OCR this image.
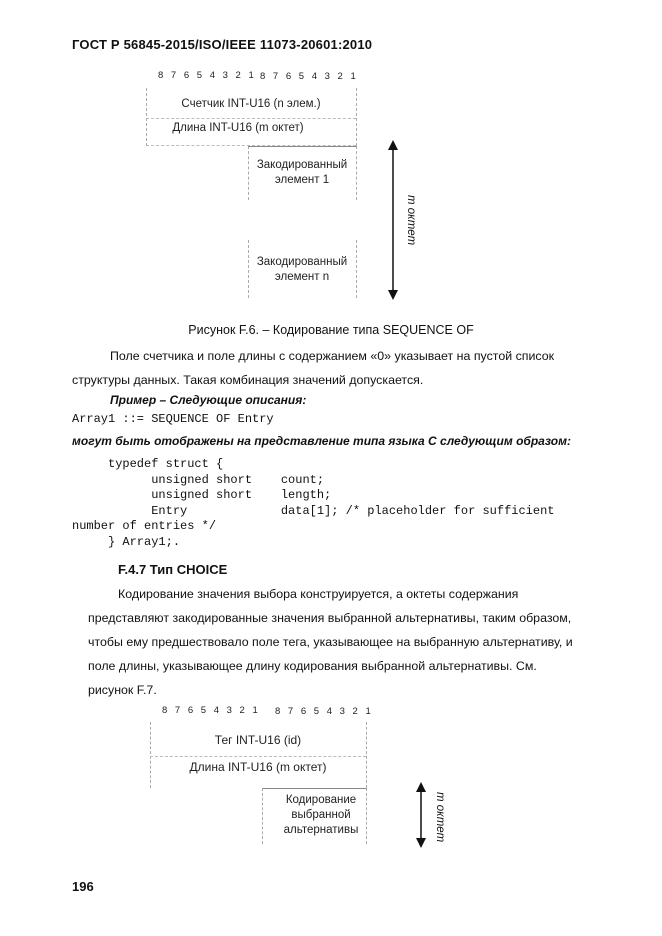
ГОСТ Р 56845-2015/ISO/IEEE 11073-20601:2010
8 7 6 5 4 3 2 1 8 7 6 5 4 3 2 1
Счетчик INT-U16 (n элем.)
Длина INT-U16 (m октет)
Закодированный
элемент 1
Закодированный
элемент n
m октет
Рисунок F.6. – Кодирование типа SEQUENCE OF
Поле счетчика и поле длины с содержанием «0» указывает на пустой список
структуры данных. Такая комбинация значений допускается.
Пример – Следующие описания:
Array1 ::= SEQUENCE OF Entry
могут быть отображены на представление типа языка С следующим образом:
typedef struct {
unsigned short    count;
unsigned short    length;
Entry             data[1]; /* placeholder for sufficient
number of entries */
} Array1;.
F.4.7 Тип CHOICE
Кодирование значения выбора конструируется, а октеты содержания
представляют закодированные значения выбранной альтернативы, таким образом,
чтобы ему предшествовало поле тега, указывающее на выбранную альтернативу, и
поле длины, указывающее длину кодирования выбранной альтернативы. См.
рисунок F.7.
8 7 6 5 4 3 2 1 8 7 6 5 4 3 2 1
Тег INT-U16 (id)
Длина INT-U16 (m октет)
Кодирование
выбранной
альтернативы	m октет
196
